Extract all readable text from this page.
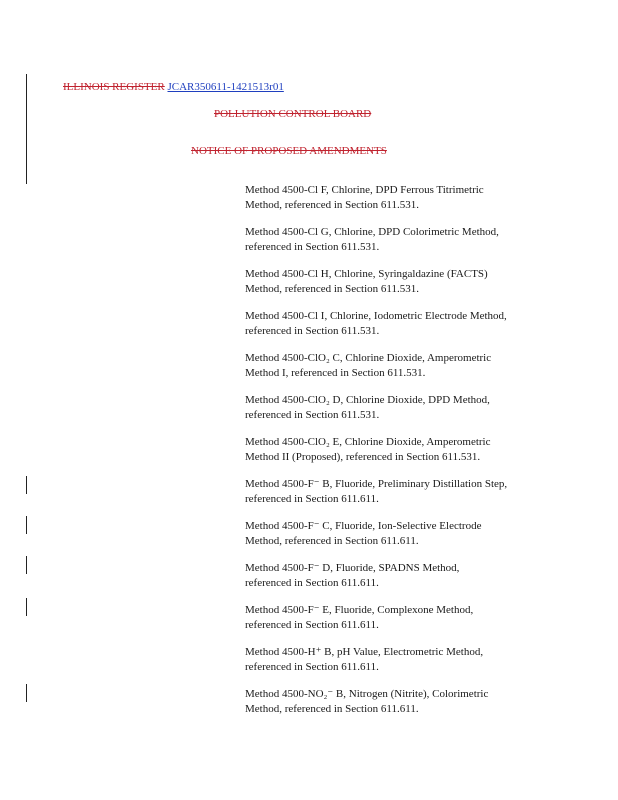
ILLINOIS REGISTER JCAR350611-1421513r01
POLLUTION CONTROL BOARD
NOTICE OF PROPOSED AMENDMENTS
Method 4500-Cl F, Chlorine, DPD Ferrous Titrimetric
Method, referenced in Section 611.531.
Method 4500-Cl G, Chlorine, DPD Colorimetric Method,
referenced in Section 611.531.
Method 4500-Cl H, Chlorine, Syringaldazine (FACTS)
Method, referenced in Section 611.531.
Method 4500-Cl I, Chlorine, Iodometric Electrode Method,
referenced in Section 611.531.
Method 4500-ClO₂ C, Chlorine Dioxide, Amperometric
Method I, referenced in Section 611.531.
Method 4500-ClO₂ D, Chlorine Dioxide, DPD Method,
referenced in Section 611.531.
Method 4500-ClO₂ E, Chlorine Dioxide, Amperometric
Method II (Proposed), referenced in Section 611.531.
Method 4500-F⁻ B, Fluoride, Preliminary Distillation Step,
referenced in Section 611.611.
Method 4500-F⁻ C, Fluoride, Ion-Selective Electrode
Method, referenced in Section 611.611.
Method 4500-F⁻ D, Fluoride, SPADNS Method,
referenced in Section 611.611.
Method 4500-F⁻ E, Fluoride, Complexone Method,
referenced in Section 611.611.
Method 4500-H⁺ B, pH Value, Electrometric Method,
referenced in Section 611.611.
Method 4500-NO₂⁻ B, Nitrogen (Nitrite), Colorimetric
Method, referenced in Section 611.611.
